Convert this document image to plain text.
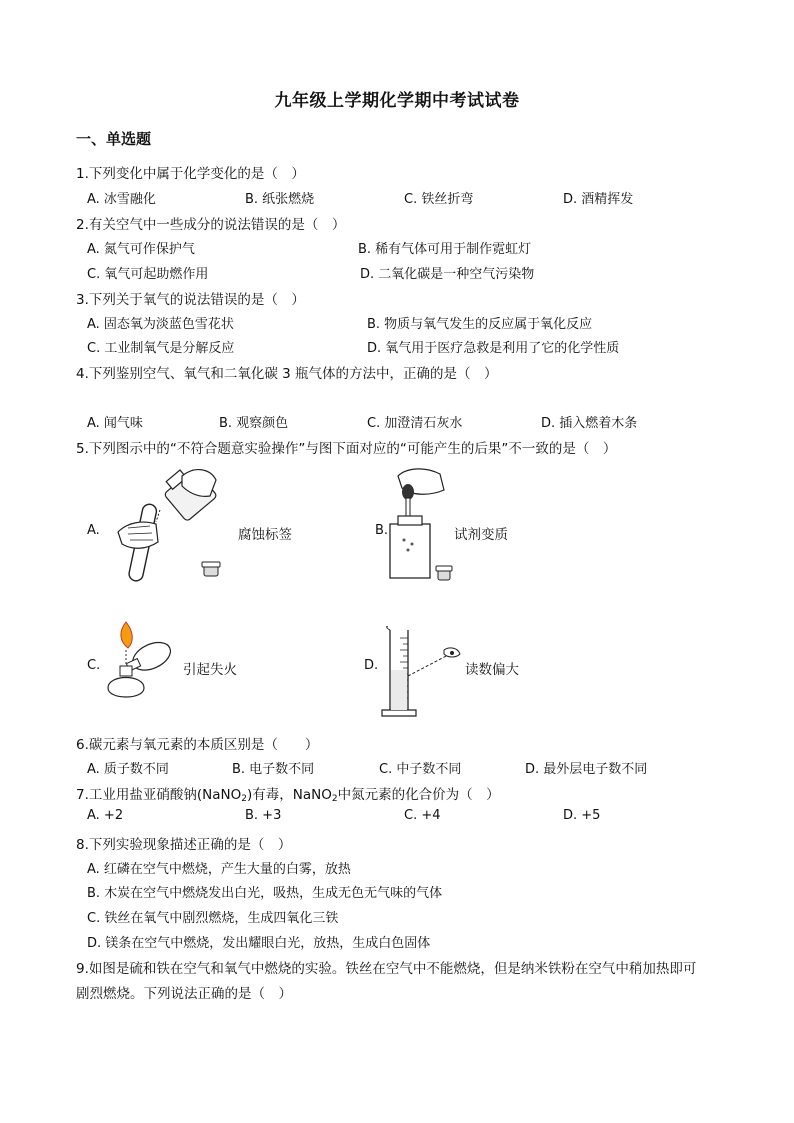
九年级上学期化学期中考试试卷
一、单选题
1.下列变化中属于化学变化的是（　）
A. 冰雪融化	B. 纸张燃烧	C. 铁丝折弯	D. 酒精挥发
2.有关空气中一些成分的说法错误的是（　）
A. 氮气可作保护气	B. 稀有气体可用于制作霓虹灯
C. 氧气可起助燃作用	D. 二氧化碳是一种空气污染物
3.下列关于氧气的说法错误的是（　）
A. 固态氧为淡蓝色雪花状	B. 物质与氧气发生的反应属于氧化反应
C. 工业制氧气是分解反应	D. 氧气用于医疗急救是利用了它的化学性质
4.下列鉴别空气、氧气和二氧化碳 3 瓶气体的方法中，正确的是（　）
A. 闻气味	B. 观察颜色	C. 加澄清石灰水	D. 插入燃着木条
5.下列图示中的“不符合题意实验操作”与图下面对应的“可能产生的后果”不一致的是（　）
A.	腐蚀标签	B.	试剂变质
C.	引起失火	D.	读数偏大
6.碳元素与氧元素的本质区别是（　　）
A. 质子数不同	B. 电子数不同	C. 中子数不同	D. 最外层电子数不同
7.工业用盐亚硝酸钠(NaNO$_2$)有毒，NaNO$_2$中氮元素的化合价为（　）
A. +2	B. +3	C. +4	D. +5
8.下列实验现象描述正确的是（　）
A. 红磷在空气中燃烧，产生大量的白雾，放热
B. 木炭在空气中燃烧发出白光，吸热，生成无色无气味的气体
C. 铁丝在氧气中剧烈燃烧，生成四氧化三铁
D. 镁条在空气中燃烧，发出耀眼白光，放热，生成白色固体
9.如图是硫和铁在空气和氧气中燃烧的实验。铁丝在空气中不能燃烧，但是纳米铁粉在空气中稍加热即可
剧烈燃烧。下列说法正确的是（　）
